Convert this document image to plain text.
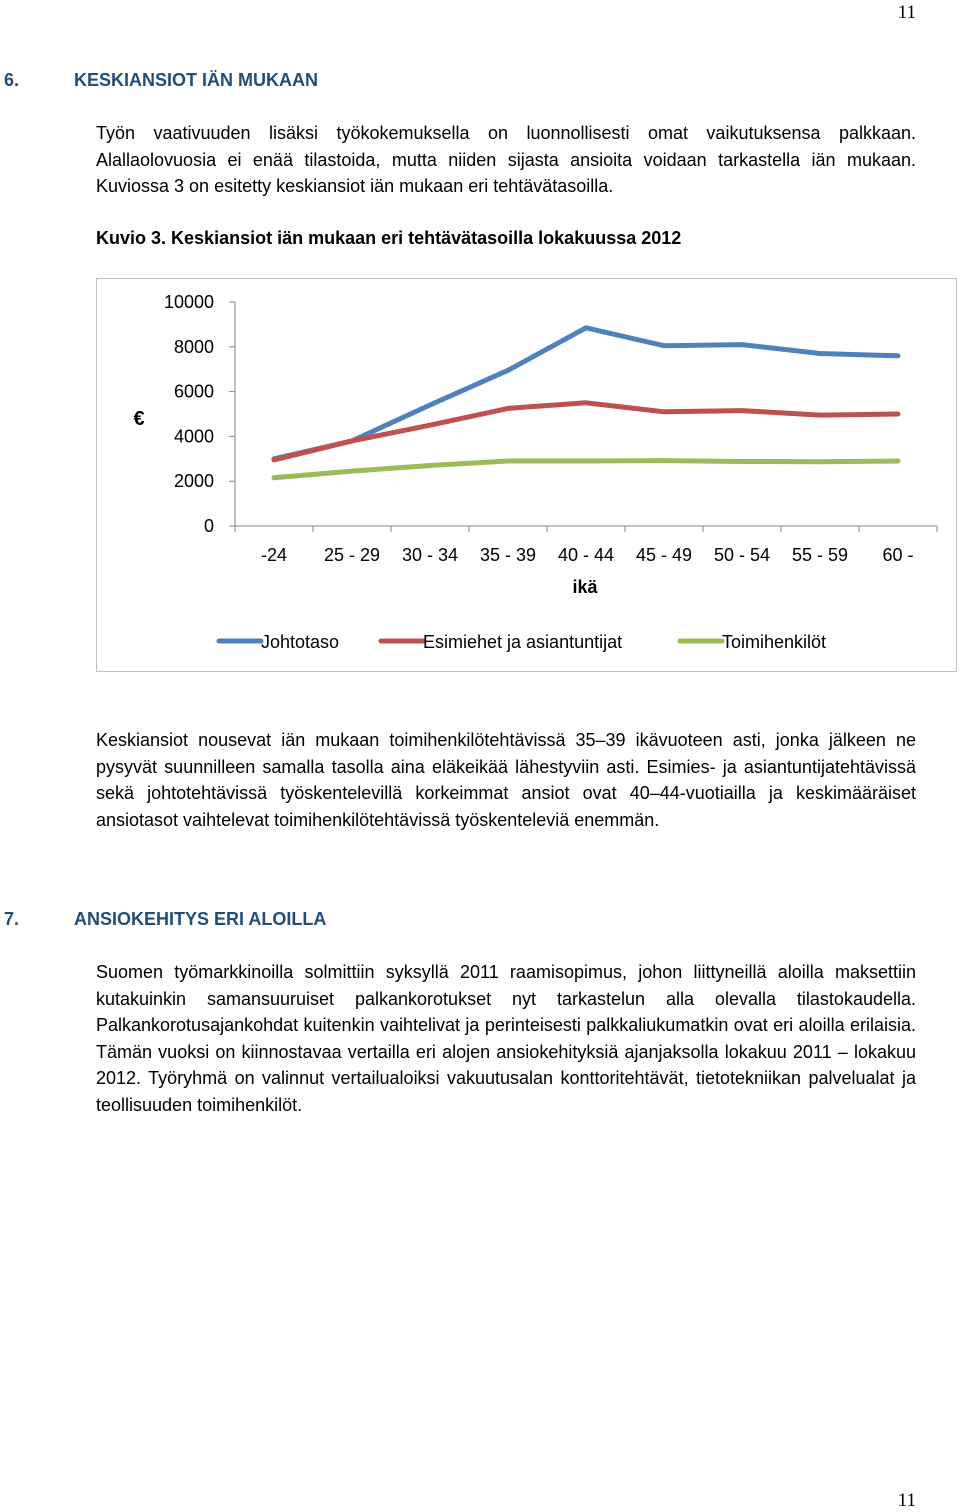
11
6.	KESKIANSIOT IÄN MUKAAN
Työn vaativuuden lisäksi työkokemuksella on luonnollisesti omat vaikutuksensa palkkaan. Alallaolovuosia ei enää tilastoida, mutta niiden sijasta ansioita voidaan tarkastella iän mukaan. Kuviossa 3 on esitetty keskiansiot iän mukaan eri tehtävätasoilla.
Kuvio 3. Keskiansiot iän mukaan eri tehtävätasoilla lokakuussa 2012
0
2000
4000
6000
8000
10000
€
-24 25 - 29 30 - 34 35 - 39 40 - 44 45 - 49 50 - 54 55 - 59 60 -
ikä
Johtotaso	Esimiehet ja asiantuntijat	Toimihenkilöt
Keskiansiot nousevat iän mukaan toimihenkilötehtävissä 35–39 ikävuoteen asti, jonka jälkeen ne pysyvät suunnilleen samalla tasolla aina eläkeikää lähestyviin asti. Esimies- ja asiantuntijatehtävissä sekä johtotehtävissä työskentelevillä korkeimmat ansiot ovat 40–44-vuotiailla ja keskimääräiset ansiotasot vaihtelevat toimihenkilötehtävissä työskenteleviä enemmän.
7.	ANSIOKEHITYS ERI ALOILLA
Suomen työmarkkinoilla solmittiin syksyllä 2011 raamisopimus, johon liittyneillä aloilla maksettiin kutakuinkin samansuuruiset palkankorotukset nyt tarkastelun alla olevalla tilastokaudella. Palkankorotusajankohdat kuitenkin vaihtelivat ja perinteisesti palkkaliukumatkin ovat eri aloilla erilaisia. Tämän vuoksi on kiinnostavaa vertailla eri alojen ansiokehityksiä ajanjaksolla lokakuu 2011 – lokakuu 2012. Työryhmä on valinnut vertailualoiksi vakuutusalan konttoritehtävät, tietotekniikan palvelualat ja teollisuuden toimihenkilöt.
11
